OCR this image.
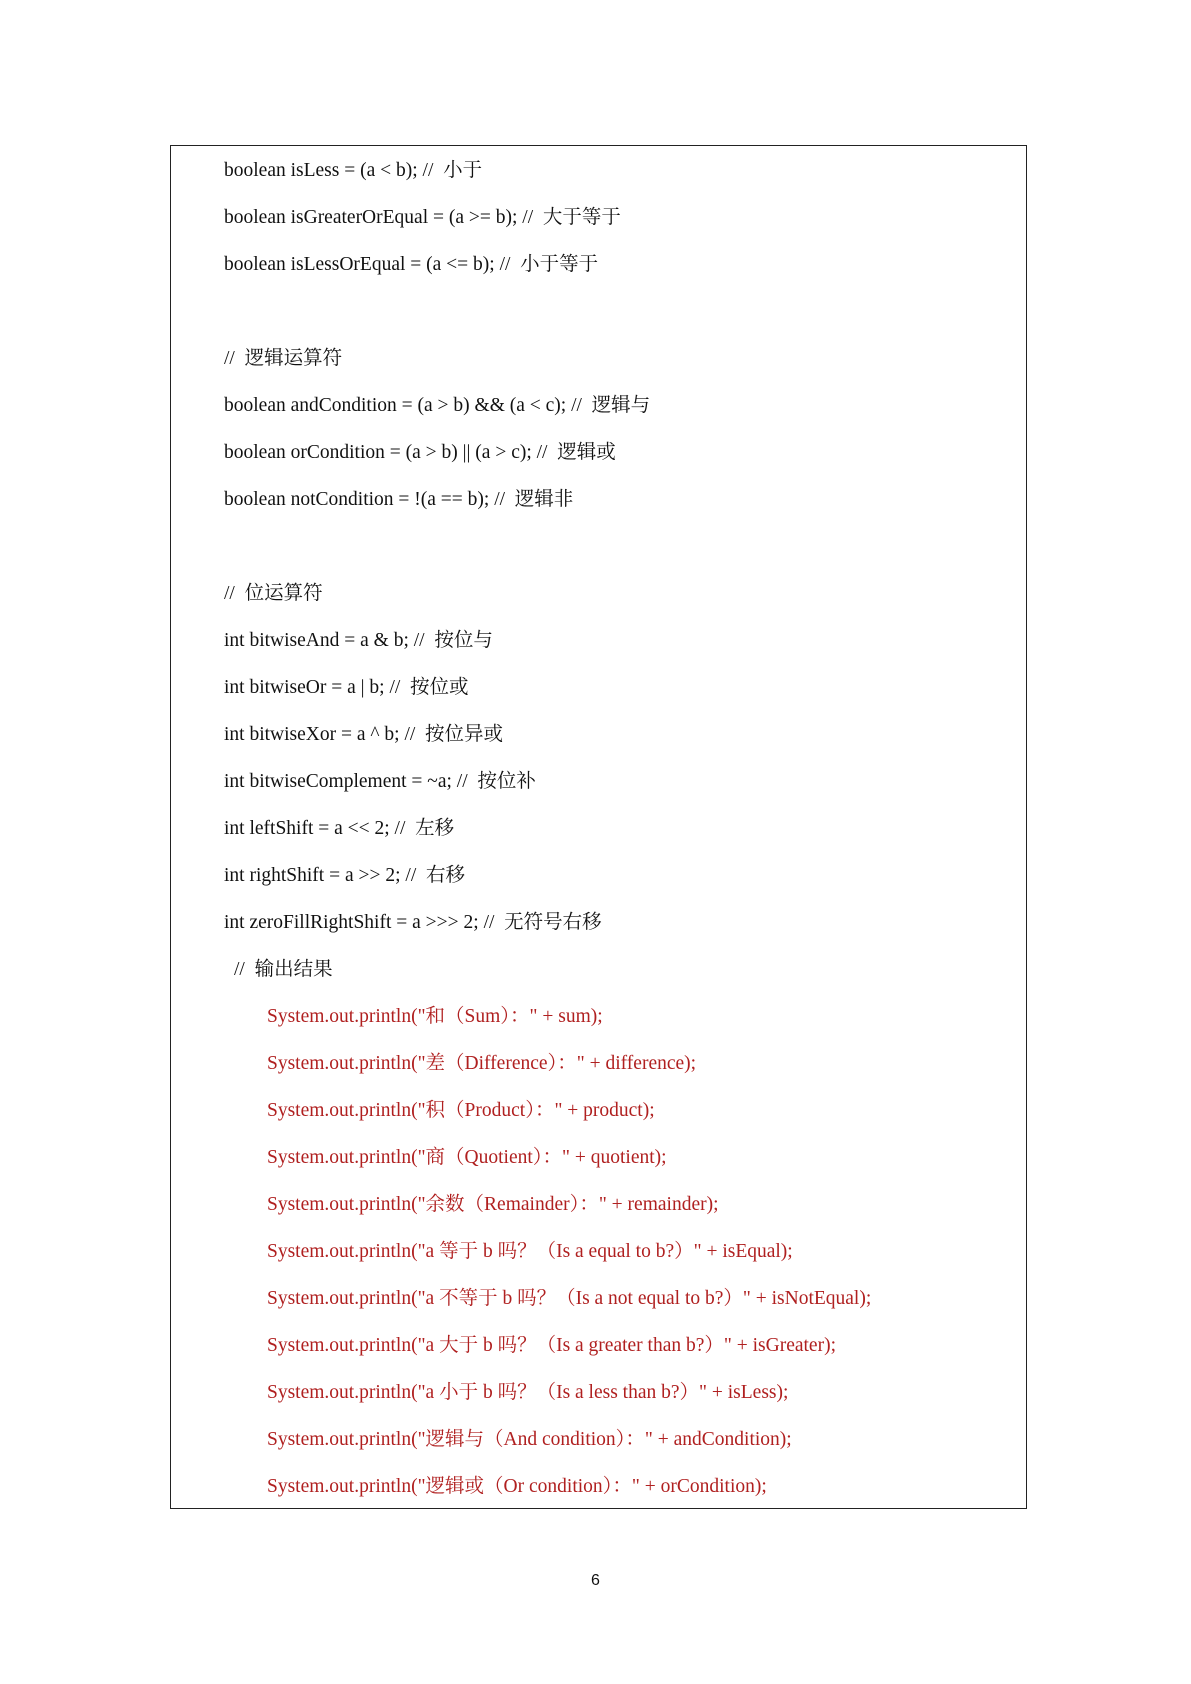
boolean isLess = (a < b); //  小于
boolean isGreaterOrEqual = (a >= b); //  大于等于
boolean isLessOrEqual = (a <= b); //  小于等于
//  逻辑运算符
boolean andCondition = (a > b) && (a < c); //  逻辑与
boolean orCondition = (a > b) || (a > c); //  逻辑或
boolean notCondition = !(a == b); //  逻辑非
//  位运算符
int bitwiseAnd = a & b; //  按位与
int bitwiseOr = a | b; //  按位或
int bitwiseXor = a ^ b; //  按位异或
int bitwiseComplement = ~a; //  按位补
int leftShift = a << 2; //  左移
int rightShift = a >> 2; //  右移
int zeroFillRightShift = a >>> 2; //  无符号右移
//  输出结果
System.out.println("和（Sum）：" + sum);
System.out.println("差（Difference）：" + difference);
System.out.println("积（Product）：" + product);
System.out.println("商（Quotient）：" + quotient);
System.out.println("余数（Remainder）：" + remainder);
System.out.println("a 等于 b 吗？（Is a equal to b?）" + isEqual);
System.out.println("a 不等于 b 吗？（Is a not equal to b?）" + isNotEqual);
System.out.println("a 大于 b 吗？（Is a greater than b?）" + isGreater);
System.out.println("a 小于 b 吗？（Is a less than b?）" + isLess);
System.out.println("逻辑与（And condition）：" + andCondition);
System.out.println("逻辑或（Or condition）：" + orCondition);
6
